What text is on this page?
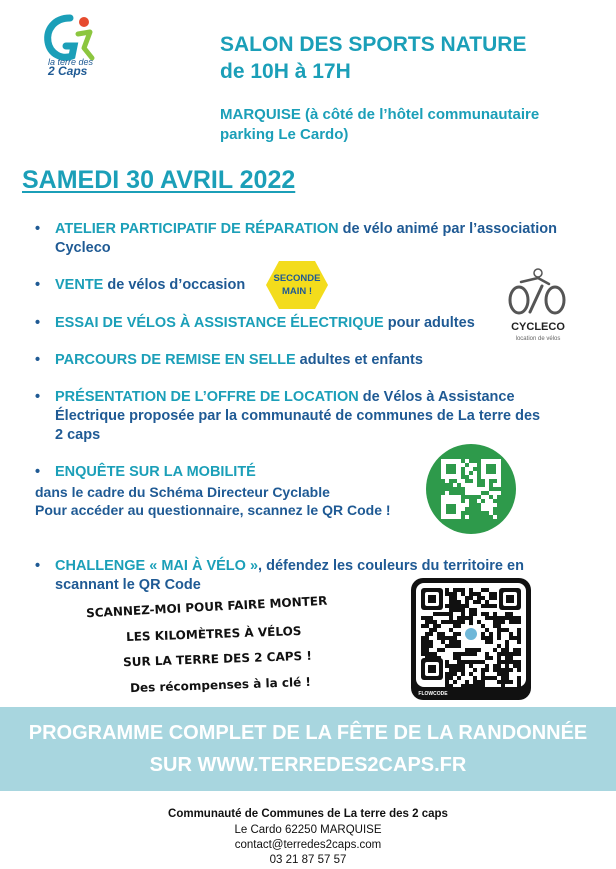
la terre des
2 Caps
SALON DES SPORTS NATURE
de 10H à 17H
MARQUISE (à côté de l’hôtel communautaire
parking Le Cardo)
SAMEDI 30 AVRIL 2022
• ATELIER PARTICIPATIF DE RÉPARATION de vélo animé par l’association
Cycleco
• VENTE de vélos d’occasion
• ESSAI DE VÉLOS À ASSISTANCE ÉLECTRIQUE pour adultes
• PARCOURS DE REMISE EN SELLE adultes et enfants
• PRÉSENTATION DE L’OFFRE DE LOCATION de Vélos à Assistance
Électrique proposée par la communauté de communes de La terre des
2 caps
• ENQUÊTE SUR LA MOBILITÉ
dans le cadre du Schéma Directeur Cyclable
Pour accéder au questionnaire, scannez le QR Code !
• CHALLENGE « MAI À VÉLO », défendez les couleurs du territoire en
scannant le QR Code
SECONDE
MAIN !
CYCLECO
location de vélos
FLOWCODE
SCANNEZ-MOI POUR FAIRE MONTER
LES KILOMÈTRES À VÉLOS
SUR LA TERRE DES 2 CAPS !
Des récompenses à la clé !
PROGRAMME COMPLET DE LA FÊTE DE LA RANDONNÉE
SUR WWW.TERREDES2CAPS.FR
Communauté de Communes de La terre des 2 caps
Le Cardo 62250 MARQUISE
contact@terredes2caps.com
03 21 87 57 57
